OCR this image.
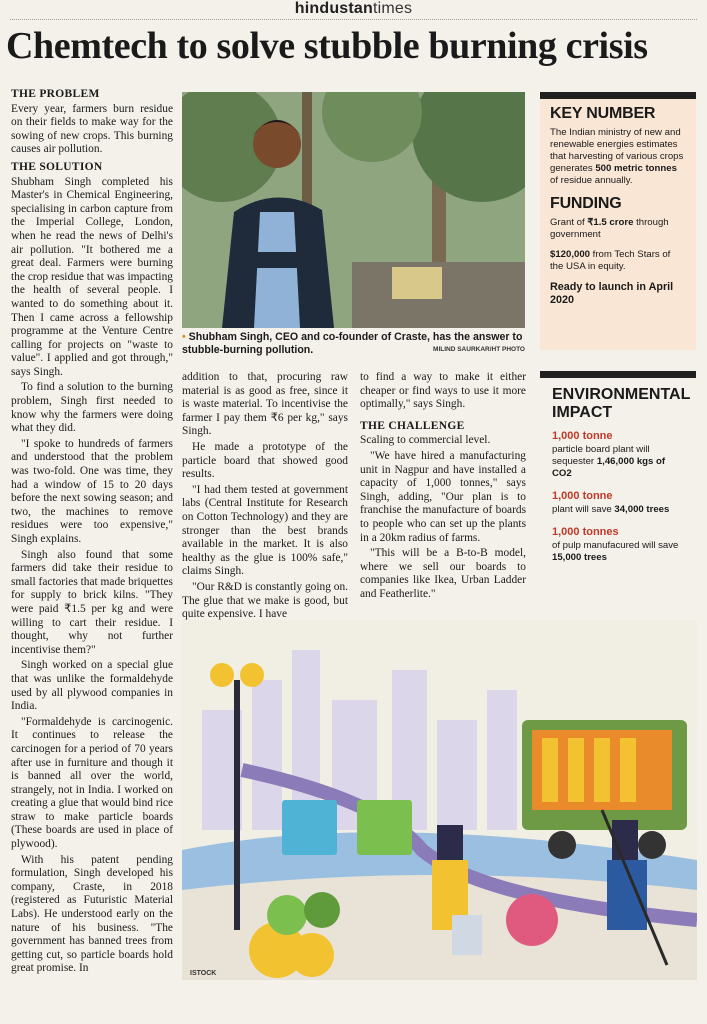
hindustantimes
Chemtech to solve stubble burning crisis
THE PROBLEM

Every year, farmers burn residue on their fields to make way for the sowing of new crops. This burning causes air pollution.

THE SOLUTION

Shubham Singh completed his Master's in Chemical Engineering, specialising in carbon capture from the Imperial College, London, when he read the news of Delhi's air pollution. "It bothered me a great deal. Farmers were burning the crop residue that was impacting the health of several people. I wanted to do something about it. Then I came across a fellowship programme at the Venture Centre calling for projects on "waste to value". I applied and got through," says Singh.

To find a solution to the burning problem, Singh first needed to know why the farmers were doing what they did.

"I spoke to hundreds of farmers and understood that the problem was two-fold. One was time, they had a window of 15 to 20 days before the next sowing season; and two, the machines to remove residues were too expensive," Singh explains.

Singh also found that some farmers did take their residue to small factories that made briquettes for supply to brick kilns. "They were paid ₹1.5 per kg and were willing to cart their residue. I thought, why not further incentivise them?"

Singh worked on a special glue that was unlike the formaldehyde used by all plywood companies in India.

"Formaldehyde is carcinogenic. It continues to release the carcinogen for a period of 70 years after use in furniture and though it is banned all over the world, strangely, not in India. I worked on creating a glue that would bind rice straw to make particle boards (These boards are used in place of plywood).

With his patent pending formulation, Singh developed his company, Craste, in 2018 (registered as Futuristic Material Labs). He understood early on the nature of his business. "The government has banned trees from getting cut, so particle boards hold great promise. In

• Shubham Singh, CEO and co-founder of Craste, has the answer to stubble-burning pollution.	MILIND SAURKAR/HT PHOTO

addition to that, procuring raw material is as good as free, since it is waste material. To incentivise the farmer I pay them ₹6 per kg," says Singh.

He made a prototype of the particle board that showed good results.

"I had them tested at government labs (Central Institute for Research on Cotton Technology) and they are stronger than the best brands available in the market. It is also healthy as the glue is 100% safe," claims Singh.

"Our R&D is constantly going on. The glue that we make is good, but quite expensive. I have

to find a way to make it either cheaper or find ways to use it more optimally," says Singh.

THE CHALLENGE

Scaling to commercial level.

"We have hired a manufacturing unit in Nagpur and have installed a capacity of 1,000 tonnes," says Singh, adding, "Our plan is to franchise the manufacture of boards to people who can set up the plants in a 20km radius of farms.

"This will be a B-to-B model, where we sell our boards to companies like Ikea, Urban Ladder and Featherlite."

KEY NUMBER
The Indian ministry of new and renewable energies estimates that harvesting of various crops generates 500 metric tonnes of residue annually.
FUNDING
Grant of ₹1.5 crore through government
$120,000 from Tech Stars of the USA in equity.
Ready to launch in April 2020
ENVIRONMENTAL IMPACT
1,000 tonne
particle board plant will sequester 1,46,000 kgs of CO2
1,000 tonne
plant will save 34,000 trees
1,000 tonnes
of pulp manufacured will save 15,000 trees
ISTOCK
